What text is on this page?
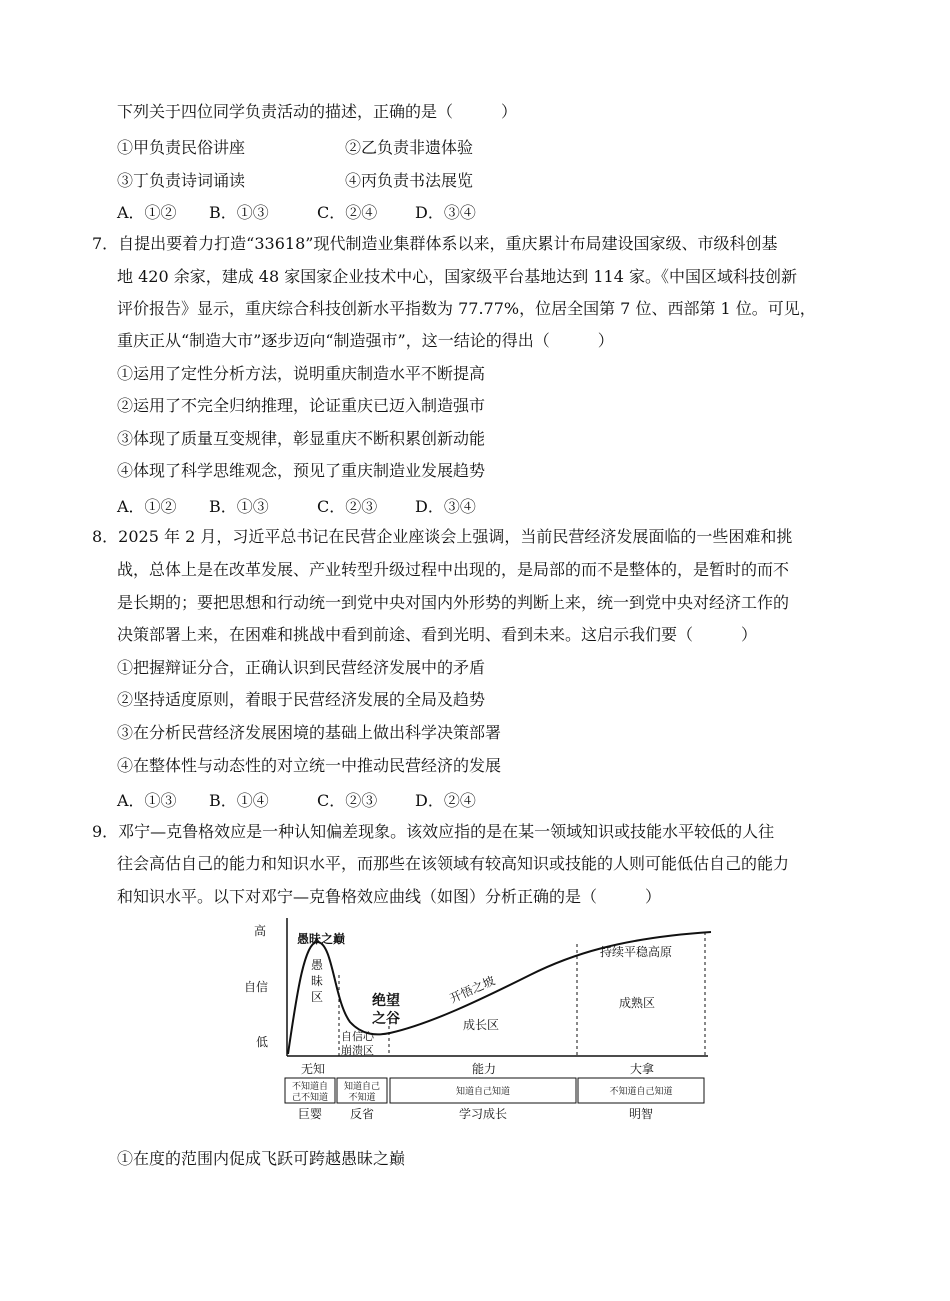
下列关于四位同学负责活动的描述，正确的是（　　　）
①甲负责民俗讲座	②乙负责非遗体验
③丁负责诗词诵读	④丙负责书法展览
A．①② B．①③	C．②④ D．③④
7．自提出要着力打造“33618”现代制造业集群体系以来，重庆累计布局建设国家级、市级科创基
地 420 余家，建成 48 家国家企业技术中心，国家级平台基地达到 114 家。《中国区域科技创新
评价报告》显示，重庆综合科技创新水平指数为 77.77%，位居全国第 7 位、西部第 1 位。可见，
重庆正从“制造大市”逐步迈向“制造强市”，这一结论的得出（　　　）
①运用了定性分析方法，说明重庆制造水平不断提高
②运用了不完全归纳推理，论证重庆已迈入制造强市
③体现了质量互变规律，彰显重庆不断积累创新动能
④体现了科学思维观念，预见了重庆制造业发展趋势
A．①② B．①③	C．②③ D．③④
8．2025 年 2 月，习近平总书记在民营企业座谈会上强调，当前民营经济发展面临的一些困难和挑
战，总体上是在改革发展、产业转型升级过程中出现的，是局部的而不是整体的，是暂时的而不
是长期的；要把思想和行动统一到党中央对国内外形势的判断上来，统一到党中央对经济工作的
决策部署上来，在困难和挑战中看到前途、看到光明、看到未来。这启示我们要（　　　）
①把握辩证分合，正确认识到民营经济发展中的矛盾
②坚持适度原则，着眼于民营经济发展的全局及趋势
③在分析民营经济发展困境的基础上做出科学决策部署
④在整体性与动态性的对立统一中推动民营经济的发展
A．①③ B．①④	C．②③ D．②④
9．邓宁—克鲁格效应是一种认知偏差现象。该效应指的是在某一领域知识或技能水平较低的人往
往会高估自己的能力和知识水平，而那些在该领域有较高知识或技能的人则可能低估自己的能力
和知识水平。以下对邓宁—克鲁格效应曲线（如图）分析正确的是（　　　）
高
自信
低
愚昧之巅
愚
昧
区
自信心
崩溃区
绝望
之谷
开悟之坡
成长区
持续平稳高原
成熟区
无知	能力	大拿
不知道自
己不知道
知道自己
不知道
知道自己知道	不知道自己知道
巨婴 反省	学习成长	明智
①在度的范围内促成飞跃可跨越愚昧之巅
